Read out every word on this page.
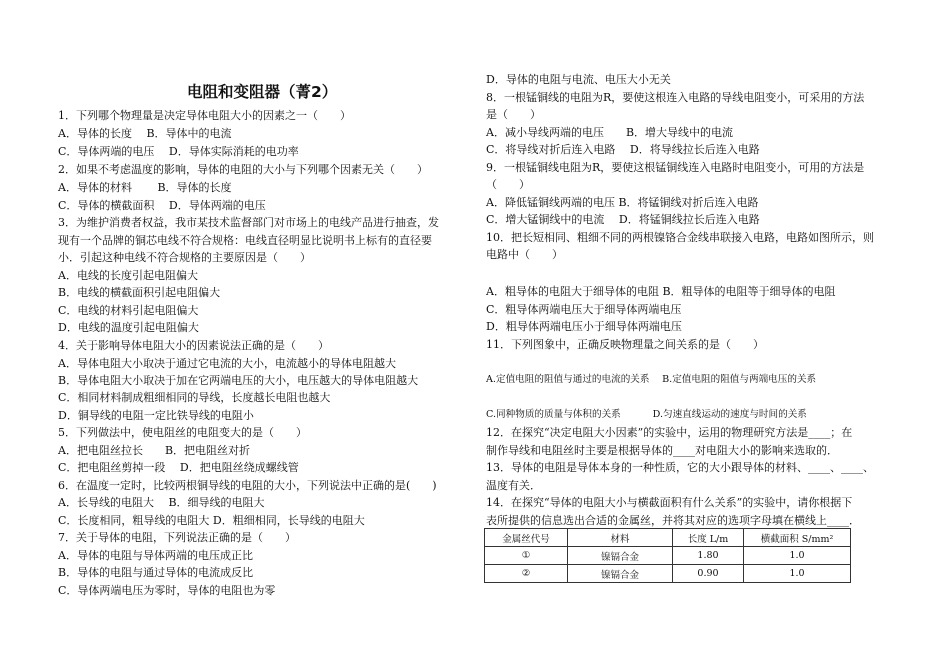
电阻和变阻器（菁2）
1．下列哪个物理量是决定导体电阻大小的因素之一（　　）
A．导体的长度　 B．导体中的电流
C．导体两端的电压　 D．导体实际消耗的电功率
2．如果不考虑温度的影响，导体的电阻的大小与下列哪个因素无关（　　）
A．导体的材料　　 B．导体的长度
C．导体的横截面积　 D．导体两端的电压
3．为维护消费者权益，我市某技术监督部门对市场上的电线产品进行抽查，发
现有一个品牌的铜芯电线不符合规格：电线直径明显比说明书上标有的直径要
小．引起这种电线不符合规格的主要原因是（　　）
A．电线的长度引起电阻偏大
B．电线的横截面积引起电阻偏大
C．电线的材料引起电阻偏大
D．电线的温度引起电阻偏大
4．关于影响导体电阻大小的因素说法正确的是（　　）
A．导体电阻大小取决于通过它电流的大小，电流越小的导体电阻越大
B．导体电阻大小取决于加在它两端电压的大小，电压越大的导体电阻越大
C．相同材料制成粗细相同的导线，长度越长电阻也越大
D．铜导线的电阻一定比铁导线的电阻小
5．下列做法中，使电阻丝的电阻变大的是（　　）
A．把电阻丝拉长　　B．把电阻丝对折
C．把电阻丝剪掉一段　 D．把电阻丝绕成螺线管
6．在温度一定时，比较两根铜导线的电阻的大小，下列说法中正确的是(　　)
A．长导线的电阻大　 B．细导线的电阻大
C．长度相同，粗导线的电阻大 D．粗细相同，长导线的电阻大
7．关于导体的电阻，下列说法正确的是（　　）
A．导体的电阻与导体两端的电压成正比
B．导体的电阻与通过导体的电流成反比
C．导体两端电压为零时，导体的电阻也为零
D．导体的电阻与电流、电压大小无关
8．一根锰铜线的电阻为R，要使这根连入电路的导线电阻变小，可采用的方法
是（　　）
A．减小导线两端的电压　　B．增大导线中的电流
C．将导线对折后连入电路　 D．将导线拉长后连入电路
9．一根锰铜线电阻为R，要使这根锰铜线连入电路时电阻变小，可用的方法是
（　　）
A．降低锰铜线两端的电压 B．将锰铜线对折后连入电路
C．增大锰铜线中的电流　 D．将锰铜线拉长后连入电路
10．把长短相同、粗细不同的两根镍铬合金线串联接入电路，电路如图所示，则
电路中（　　）
A．粗导体的电阻大于细导体的电阻 B．粗导体的电阻等于细导体的电阻
C．粗导体两端电压大于细导体两端电压
D．粗导体两端电压小于细导体两端电压
11．下列图象中，正确反映物理量之间关系的是（　　）
A.定值电阻的阻值与通过的电流的关系　 B.定值电阻的阻值与两端电压的关系
C.同种物质的质量与体积的关系　　　 D.匀速直线运动的速度与时间的关系
12．在探究“决定电阻大小因素”的实验中，运用的物理研究方法是____；在
制作导线和电阻丝时主要是根据导体的____对电阻大小的影响来选取的．
13．导体的电阻是导体本身的一种性质，它的大小跟导体的材料、____、____、
温度有关．
14．在探究“导体的电阻大小与横截面积有什么关系”的实验中，请你根据下
表所提供的信息选出合适的金属丝，并将其对应的选项字母填在横线上____．
金属丝代号	材料	长度 L/m	横截面积 S/mm²
①	镍镉合金	1.80	1.0
②	镍镉合金	0.90	1.0
